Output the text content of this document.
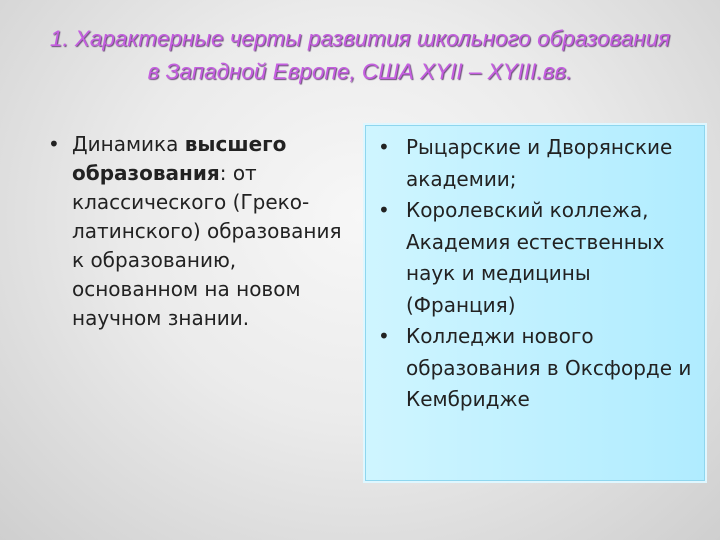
1. Характерные черты развития школьного образования
в Западной Европе, США XYII – XYIII.вв.
• Динамика высшего образования: от классического (Греко-латинского) образования к образованию, основанном на новом научном знании.
• Рыцарские и Дворянские академии;
• Королевский коллежа, Академия естественных наук и медицины (Франция)
• Колледжи нового образования в Оксфорде и Кембридже
